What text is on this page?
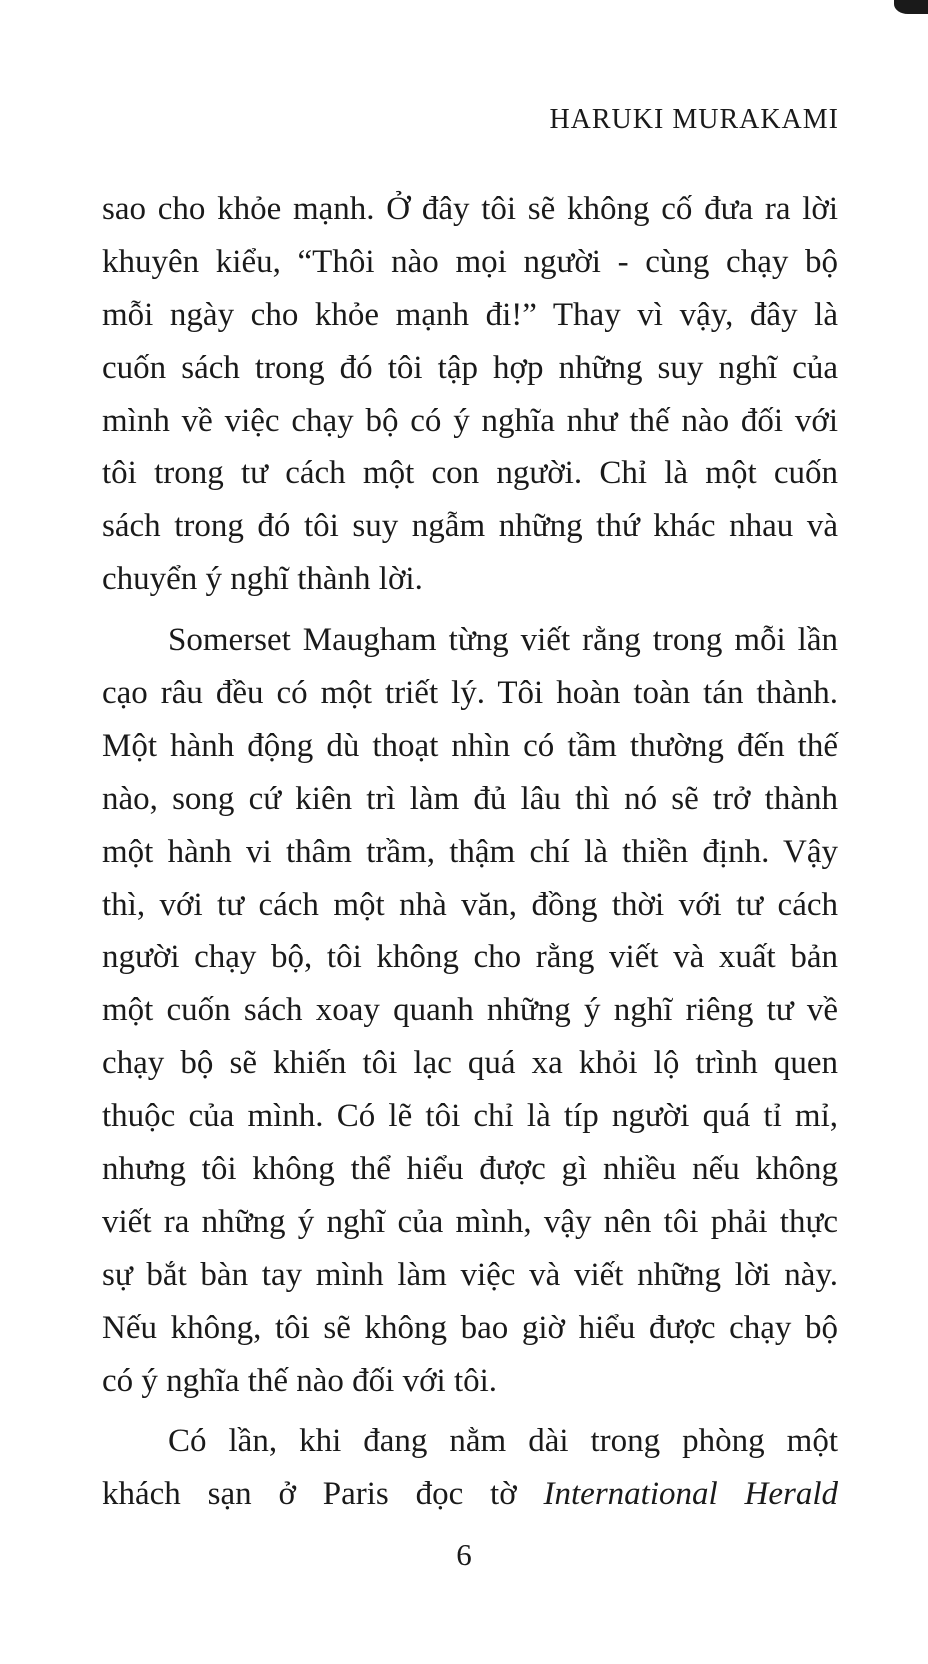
HARUKI MURAKAMI
sao cho khỏe mạnh. Ở đây tôi sẽ không cố đưa ra lời
khuyên kiểu, “Thôi nào mọi người - cùng chạy bộ
mỗi ngày cho khỏe mạnh đi!” Thay vì vậy, đây là
cuốn sách trong đó tôi tập hợp những suy nghĩ của
mình về việc chạy bộ có ý nghĩa như thế nào đối với
tôi trong tư cách một con người. Chỉ là một cuốn
sách trong đó tôi suy ngẫm những thứ khác nhau và
chuyển ý nghĩ thành lời.
Somerset Maugham từng viết rằng trong mỗi lần
cạo râu đều có một triết lý. Tôi hoàn toàn tán thành.
Một hành động dù thoạt nhìn có tầm thường đến thế
nào, song cứ kiên trì làm đủ lâu thì nó sẽ trở thành
một hành vi thâm trầm, thậm chí là thiền định. Vậy
thì, với tư cách một nhà văn, đồng thời với tư cách
người chạy bộ, tôi không cho rằng viết và xuất bản
một cuốn sách xoay quanh những ý nghĩ riêng tư về
chạy bộ sẽ khiến tôi lạc quá xa khỏi lộ trình quen
thuộc của mình. Có lẽ tôi chỉ là típ người quá tỉ mỉ,
nhưng tôi không thể hiểu được gì nhiều nếu không
viết ra những ý nghĩ của mình, vậy nên tôi phải thực
sự bắt bàn tay mình làm việc và viết những lời này.
Nếu không, tôi sẽ không bao giờ hiểu được chạy bộ
có ý nghĩa thế nào đối với tôi.
Có lần, khi đang nằm dài trong phòng một
khách sạn ở Paris đọc tờ International Herald
6
